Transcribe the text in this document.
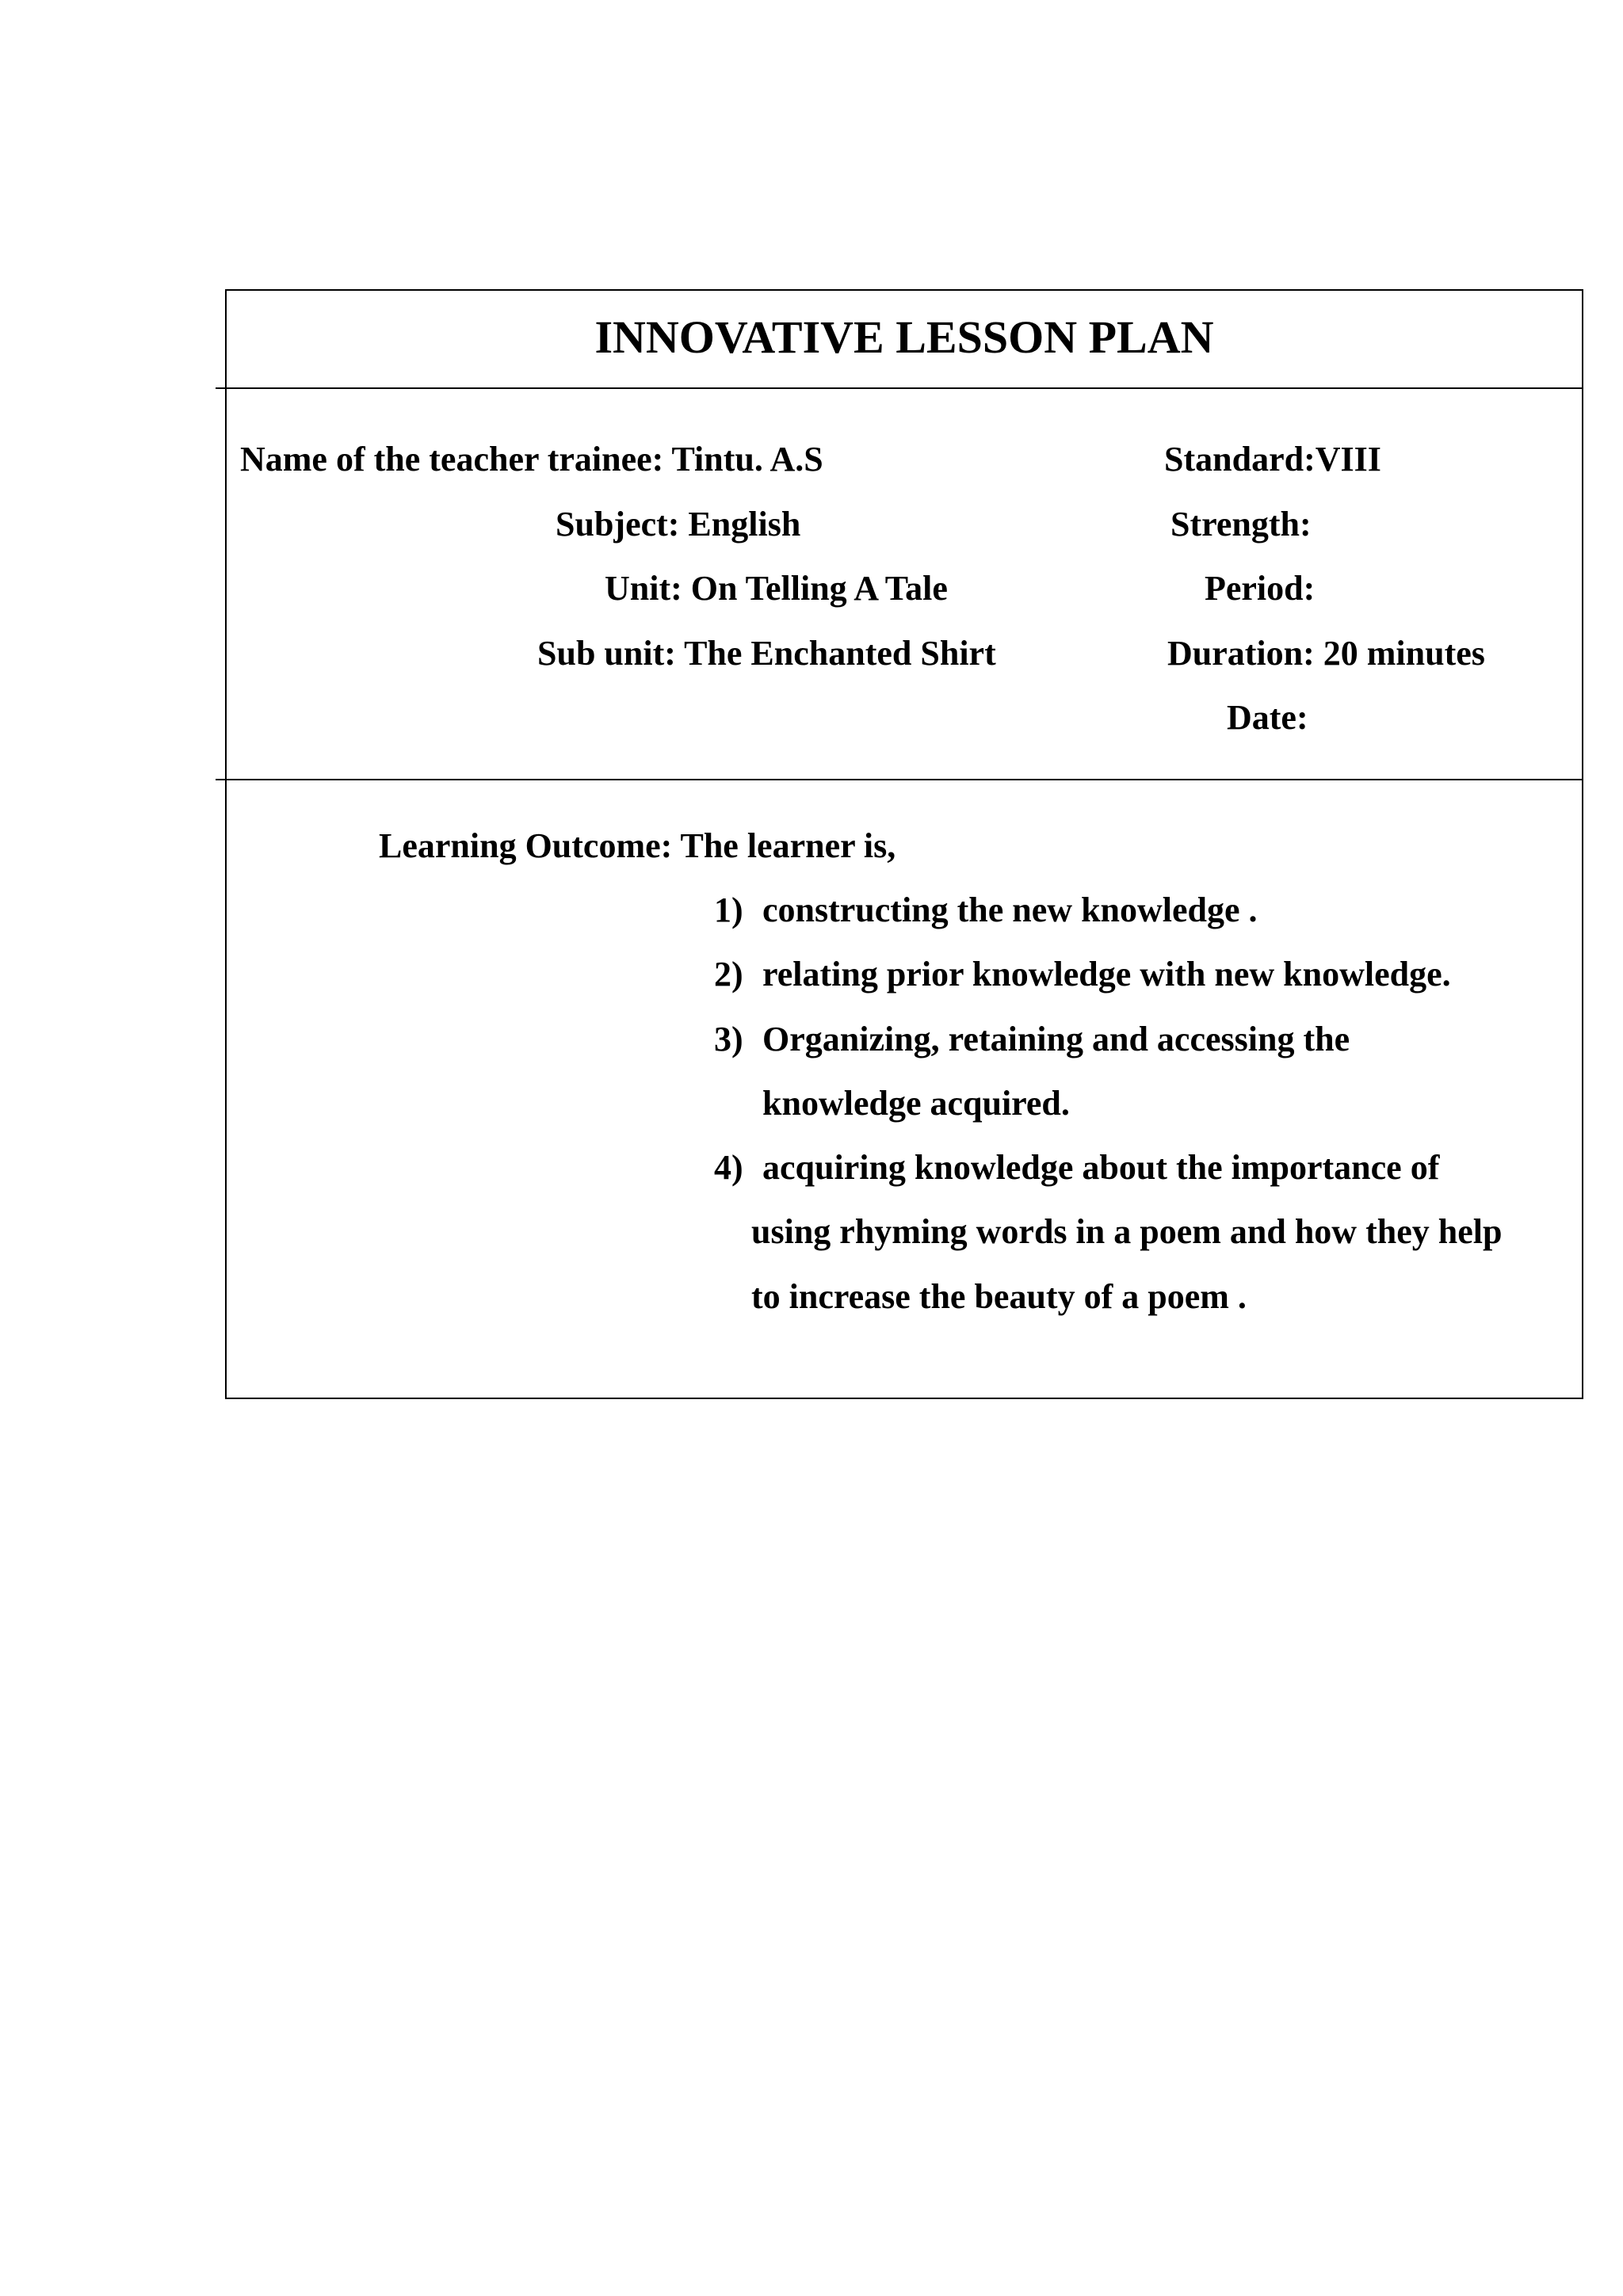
INNOVATIVE LESSON PLAN
Name of the teacher trainee: Tintu. A.S
Subject: English
Unit: On Telling A Tale
Sub unit: The Enchanted Shirt
Standard:VIII
Strength:
Period:
Duration: 20 minutes
Date:
Learning Outcome: The learner is,
1) constructing the new knowledge .
2) relating prior knowledge with new knowledge.
3) Organizing, retaining and accessing the
knowledge acquired.
4) acquiring knowledge about the importance of
using rhyming words in a poem and how they help
to increase the beauty of a poem .
